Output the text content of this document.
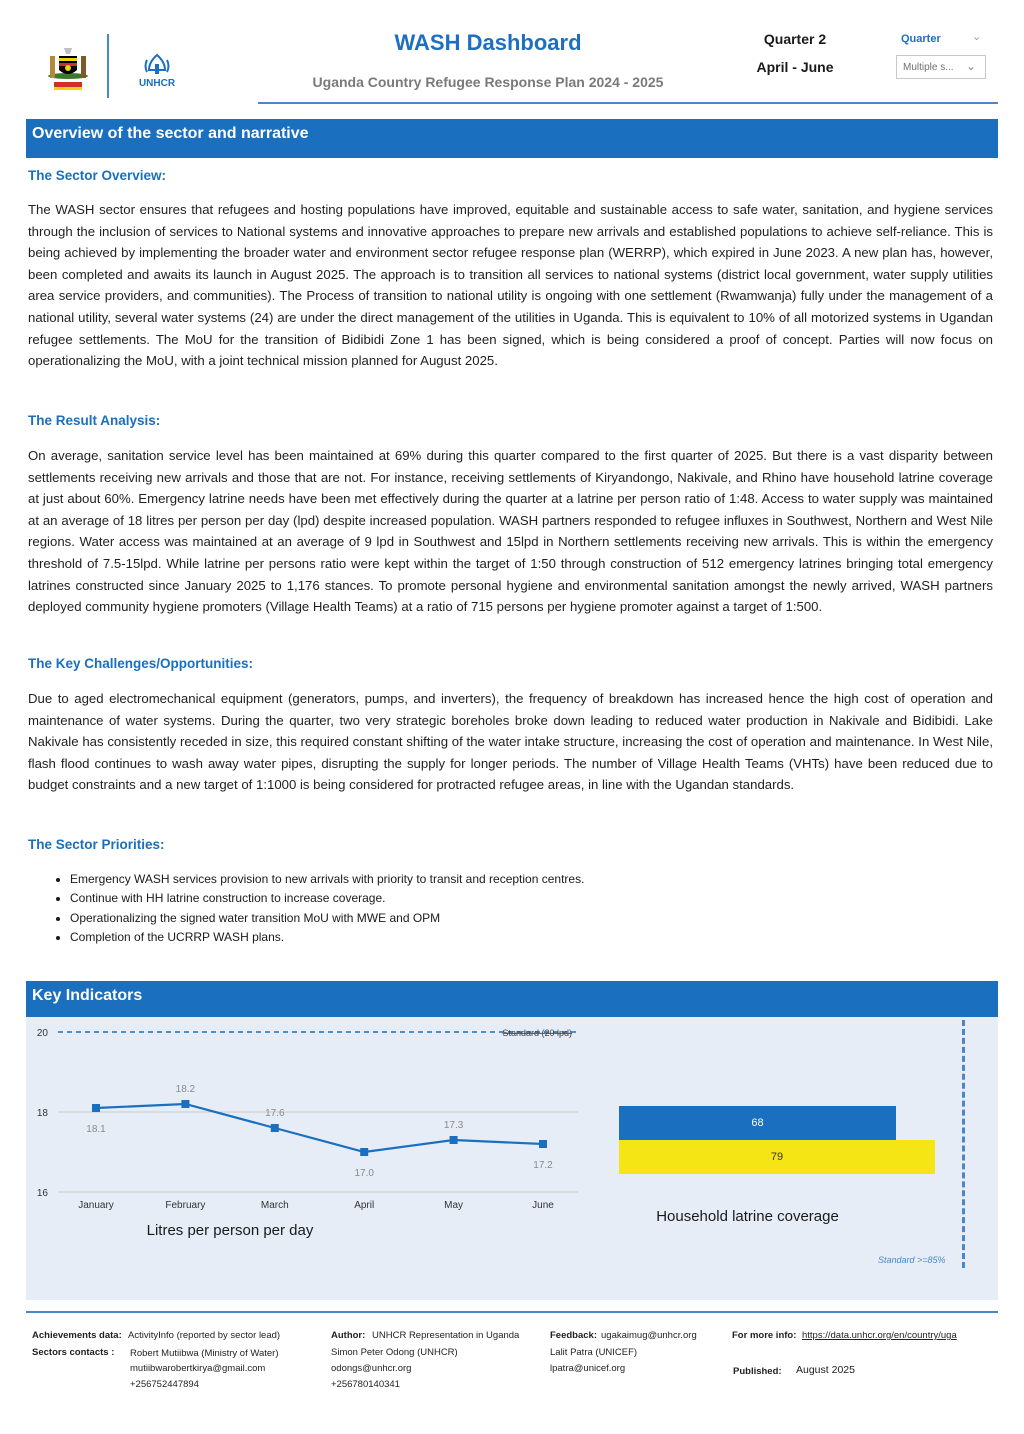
UNHCR
WASH Dashboard
Uganda Country Refugee Response Plan 2024 - 2025
Quarter 2
April - June
Quarter	⌄
Multiple s... ⌄
Overview of the sector and narrative
The Sector Overview:
The WASH sector ensures that refugees and hosting populations have improved, equitable and sustainable access to safe water, sanitation, and hygiene services through the inclusion of services to National systems and innovative approaches to prepare new arrivals and established populations to achieve self-reliance. This is being achieved by implementing the broader water and environment sector refugee response plan (WERRP), which expired in June 2023. A new plan has, however, been completed and awaits its launch in August 2025. The approach is to transition all services to national systems (district local government, water supply utilities area service providers, and communities). The Process of transition to national utility is ongoing with one settlement (Rwamwanja) fully under the management of a national utility, several water systems (24) are under the direct management of the utilities in Uganda. This is equivalent to 10% of all motorized systems in Ugandan refugee settlements. The MoU for the transition of Bidibidi Zone 1 has been signed, which is being considered a proof of concept. Parties will now focus on operationalizing the MoU, with a joint technical mission planned for August 2025.
The Result Analysis:
On average, sanitation service level has been maintained at 69% during this quarter compared to the first quarter of 2025. But there is a vast disparity between settlements receiving new arrivals and those that are not. For instance, receiving settlements of Kiryandongo, Nakivale, and Rhino have household latrine coverage at just about 60%. Emergency latrine needs have been met effectively during the quarter at a latrine per person ratio of 1:48. Access to water supply was maintained at an average of 18 litres per person per day (lpd) despite increased population. WASH partners responded to refugee influxes in Southwest, Northern and West Nile regions. Water access was maintained at an average of 9 lpd in Southwest and 15lpd in Northern settlements receiving new arrivals. This is within the emergency threshold of 7.5-15lpd. While latrine per persons ratio were kept within the target of 1:50 through construction of 512 emergency latrines bringing total emergency latrines constructed since January 2025 to 1,176 stances. To promote personal hygiene and environmental sanitation amongst the newly arrived, WASH partners deployed community hygiene promoters (Village Health Teams) at a ratio of 715 persons per hygiene promoter against a target of 1:500.
The Key Challenges/Opportunities:
Due to aged electromechanical equipment (generators, pumps, and inverters), the frequency of breakdown has increased hence the high cost of operation and maintenance of water systems. During the quarter, two very strategic boreholes broke down leading to reduced water production in Nakivale and Bidibidi. Lake Nakivale has consistently receded in size, this required constant shifting of the water intake structure, increasing the cost of operation and maintenance. In West Nile, flash flood continues to wash away water pipes, disrupting the supply for longer periods. The number of Village Health Teams (VHTs) have been reduced due to budget constraints and a new target of 1:1000 is being considered for protracted refugee areas, in line with the Ugandan standards.
The Sector Priorities:
• Emergency WASH services provision to new arrivals with priority to transit and reception centres.
• Continue with HH latrine construction to increase coverage.
• Operationalizing the signed water transition MoU with MWE and OPM
• Completion of the UCRRP WASH plans.
Key Indicators
16
18
20	Standard (20 lpd)
18.1
18.2
17.6
17.0
17.3
17.2
January	February	March	April	May	June
Litres per person per day
68
79
Household latrine coverage
Standard >=85%
Achievements data: ActivityInfo (reported by sector lead)
Sectors contacts : Robert Mutiibwa (Ministry of Water)
mutiibwarobertkirya@gmail.com
+256752447894
Author: UNHCR Representation in Uganda
Simon Peter Odong (UNHCR)
odongs@unhcr.org
+256780140341
Feedback: ugakaimug@unhcr.org
Lalit Patra (UNICEF)
lpatra@unicef.org
For more info: https://data.unhcr.org/en/country/uga
Published: August 2025
